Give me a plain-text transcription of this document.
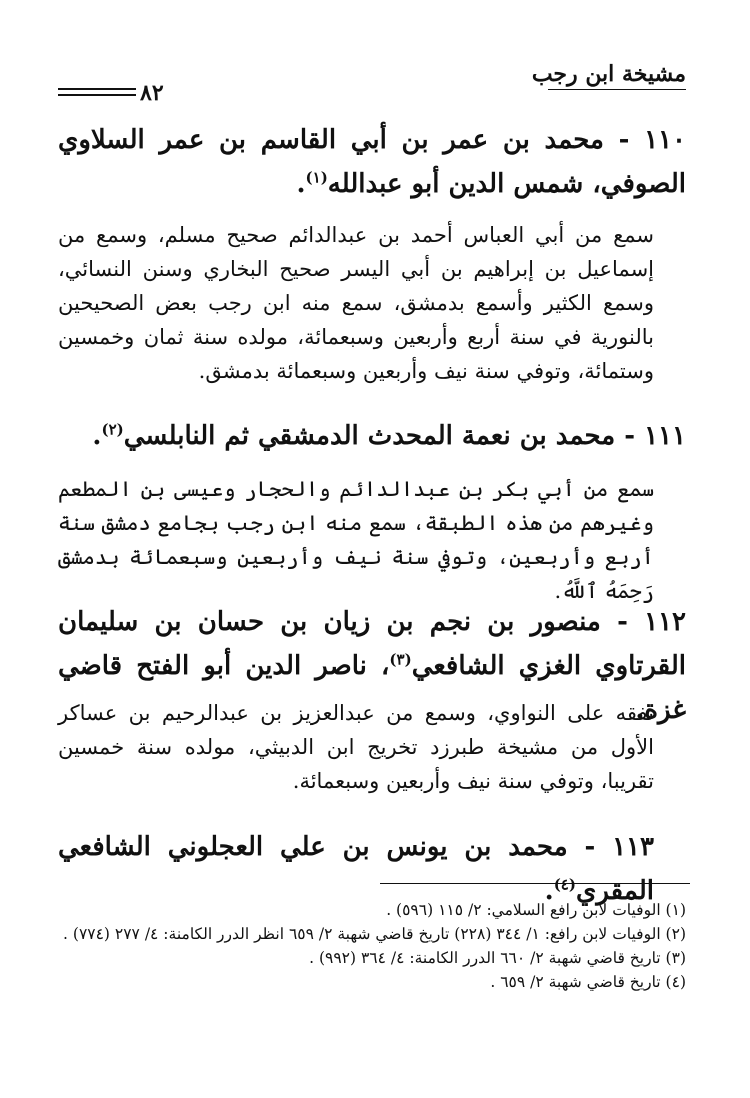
مشيخة ابن رجب
٨٢
١١٠ - محمد بن عمر بن أبي القاسم بن عمر السلاوي الصوفي، شمس الدين أبو عبدالله$^{(١)}$.
سمع من أبي العباس أحمد بن عبدالدائم صحيح مسلم، وسمع من إسماعيل بن إبراهيم بن أبي اليسر صحيح البخاري وسنن النسائي، وسمع الكثير وأسمع بدمشق، سمع منه ابن رجب بعض الصحيحين بالنورية في سنة أربع وأربعين وسبعمائة، مولده سنة ثمان وخمسين وستمائة، وتوفي سنة نيف وأربعين وسبعمائة بدمشق.
١١١ - محمد بن نعمة المحدث الدمشقي ثم النابلسي$^{(٢)}$.
سمع من أبي بكر بن عبدالدائم والحجار وعيسى بن المطعم وغيرهم من هذه الطبقة، سمع منه ابن رجب بجامع دمشق سنة أربع وأربعين، وتوفي سنة نيف وأربعين وسبعمائة بدمشق رَحِمَهُ ٱللَّهُ.
١١٢ - منصور بن نجم بن زيان بن حسان بن سليمان القرتاوي الغزي الشافعي$^{(٣)}$، ناصر الدين أبو الفتح قاضي غزة.
تفقه على النواوي، وسمع من عبدالعزيز بن عبدالرحيم بن عساكر الأول من مشيخة طبرزد تخريج ابن الدبيثي، مولده سنة خمسين تقريبا، وتوفي سنة نيف وأربعين وسبعمائة.
١١٣ - محمد بن يونس بن علي العجلوني الشافعي المقري$^{(٤)}$.

(١) الوفيات لابن رافع السلامي: ٢/ ١١٥ (٥٩٦) .

(٢) الوفيات لابن رافع: ١/ ٣٤٤ (٢٢٨) تاريخ قاضي شهبة ٢/ ٦٥٩ انظر الدرر الكامنة: ٤/ ٢٧٧ (٧٧٤) .

(٣) تاريخ قاضي شهبة ٢/ ٦٦٠ الدرر الكامنة: ٤/ ٣٦٤ (٩٩٢) .

(٤) تاريخ قاضي شهبة ٢/ ٦٥٩ .
